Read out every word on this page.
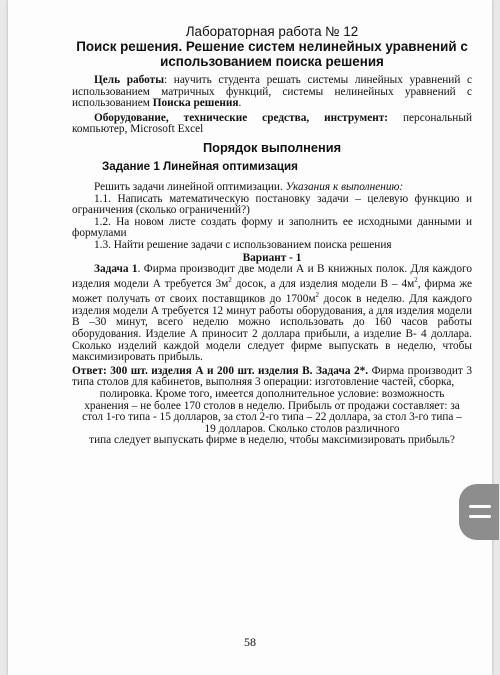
Лабораторная работа № 12

Поиск решения. Решение систем нелинейных уравнений с

использованием поиска решения

Цель работы: научить студента решать системы линейных уравнений с использованием матричных функций, системы нелинейных уравнений с использованием Поиска решения.

Оборудование, технические средства, инструмент: персональный компьютер, Microsoft Excel

Порядок выполнения

Задание 1 Линейная оптимизация

Решить задачи линейной оптимизации. Указания к выполнению:

1.1. Написать математическую постановку задачи – целевую функцию и ограничения (сколько ограничений?)

1.2. На новом листе создать форму и заполнить ее исходными данными и формулами

1.3. Найти решение задачи с использованием поиска решения

Вариант - 1

Задача 1. Фирма производит две модели А и В книжных полок. Для каждого изделия модели А требуется $3м^2$ досок, а для изделия модели В – $4м^2$, фирма же может получать от своих поставщиков до $1700м^2$ досок в неделю. Для каждого изделия модели А требуется 12 минут работы оборудования, а для изделия модели В –30 минут, всего неделю можно использовать до 160 часов работы оборудования. Изделие А приносит 2 доллара прибыли, а изделие В- 4 доллара. Сколько изделий каждой модели следует фирме выпускать в неделю, чтобы максимизировать прибыль.

Ответ: 300 шт. изделия А и 200 шт. изделия В. Задача 2*. Фирма производит 3 типа столов для кабинетов, выполняя 3 операции: изготовление частей, сборка,

полировка. Кроме того, имеется дополнительное условие: возможность
хранения – не более 170 столов в неделю. Прибыль от продажи составляет: за
стол 1-го типа - 15 долларов, за стол 2-го типа – 22 доллара, за стол 3-го типа –
19 долларов. Сколько столов различного
типа следует выпускать фирме в неделю, чтобы максимизировать прибыль?
58
